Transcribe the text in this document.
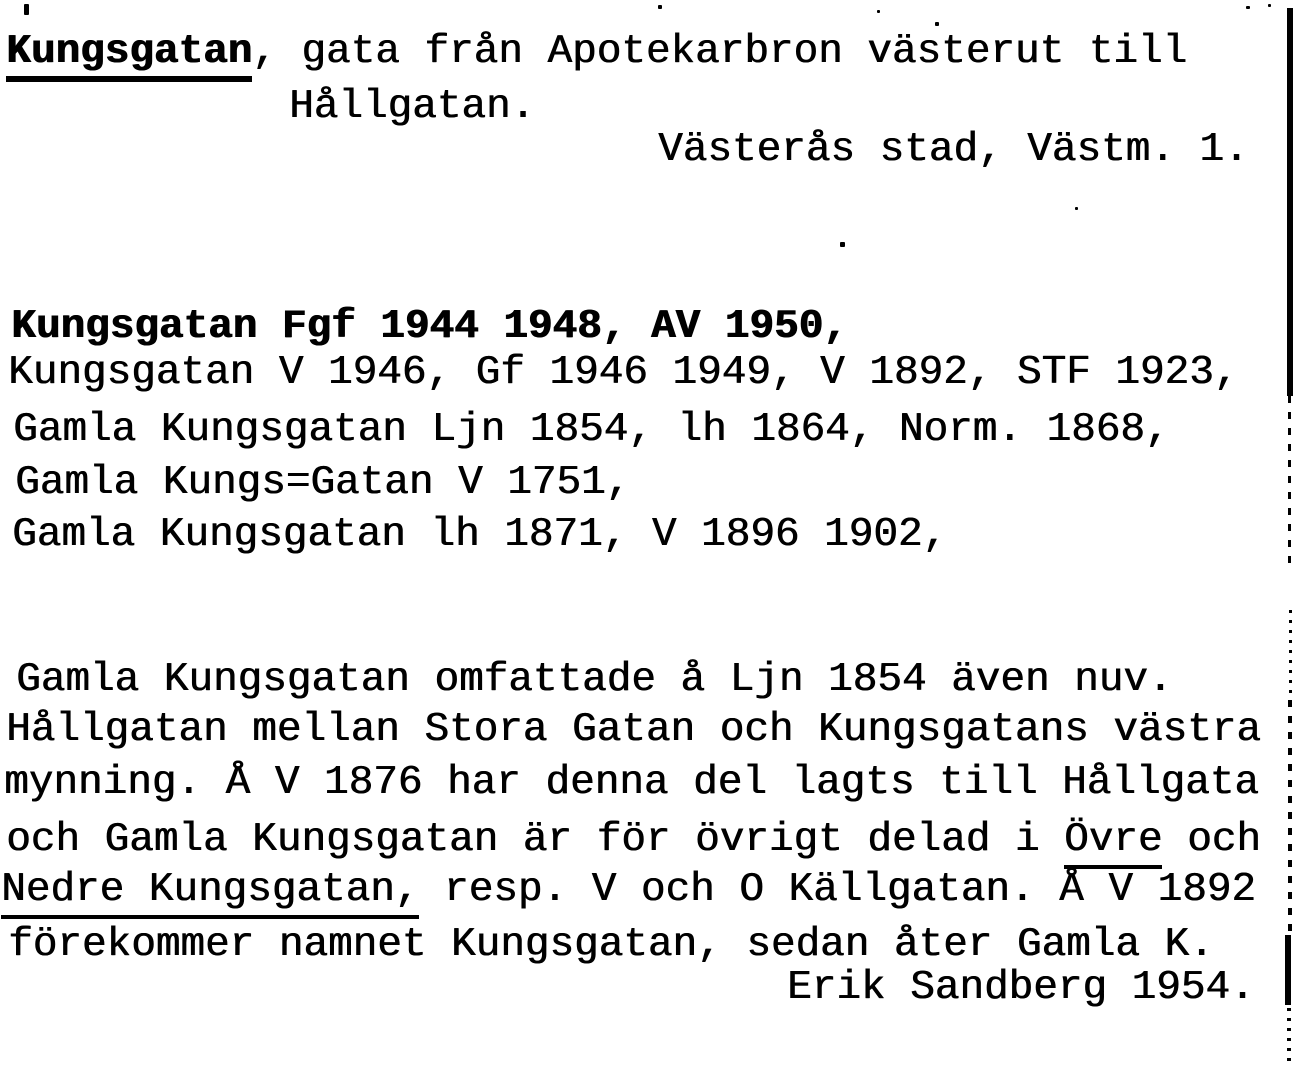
Kungsgatan, gata från Apotekarbron västerut till
Hållgatan.
Västerås stad, Västm. 1.
Kungsgatan Fgf 1944 1948, AV 1950,
Kungsgatan V 1946, Gf 1946 1949, V 1892, STF 1923,
Gamla Kungsgatan Ljn 1854, lh 1864, Norm. 1868,
Gamla Kungs=Gatan V 1751,
Gamla Kungsgatan lh 1871, V 1896 1902,
Gamla Kungsgatan omfattade å Ljn 1854 även nuv.
Hållgatan mellan Stora Gatan och Kungsgatans västra
mynning. Å V 1876 har denna del lagts till Hållgata
och Gamla Kungsgatan är för övrigt delad i Övre och
Nedre Kungsgatan, resp. V och O Källgatan. Å V 1892
förekommer namnet Kungsgatan, sedan åter Gamla K.
Erik Sandberg 1954.
